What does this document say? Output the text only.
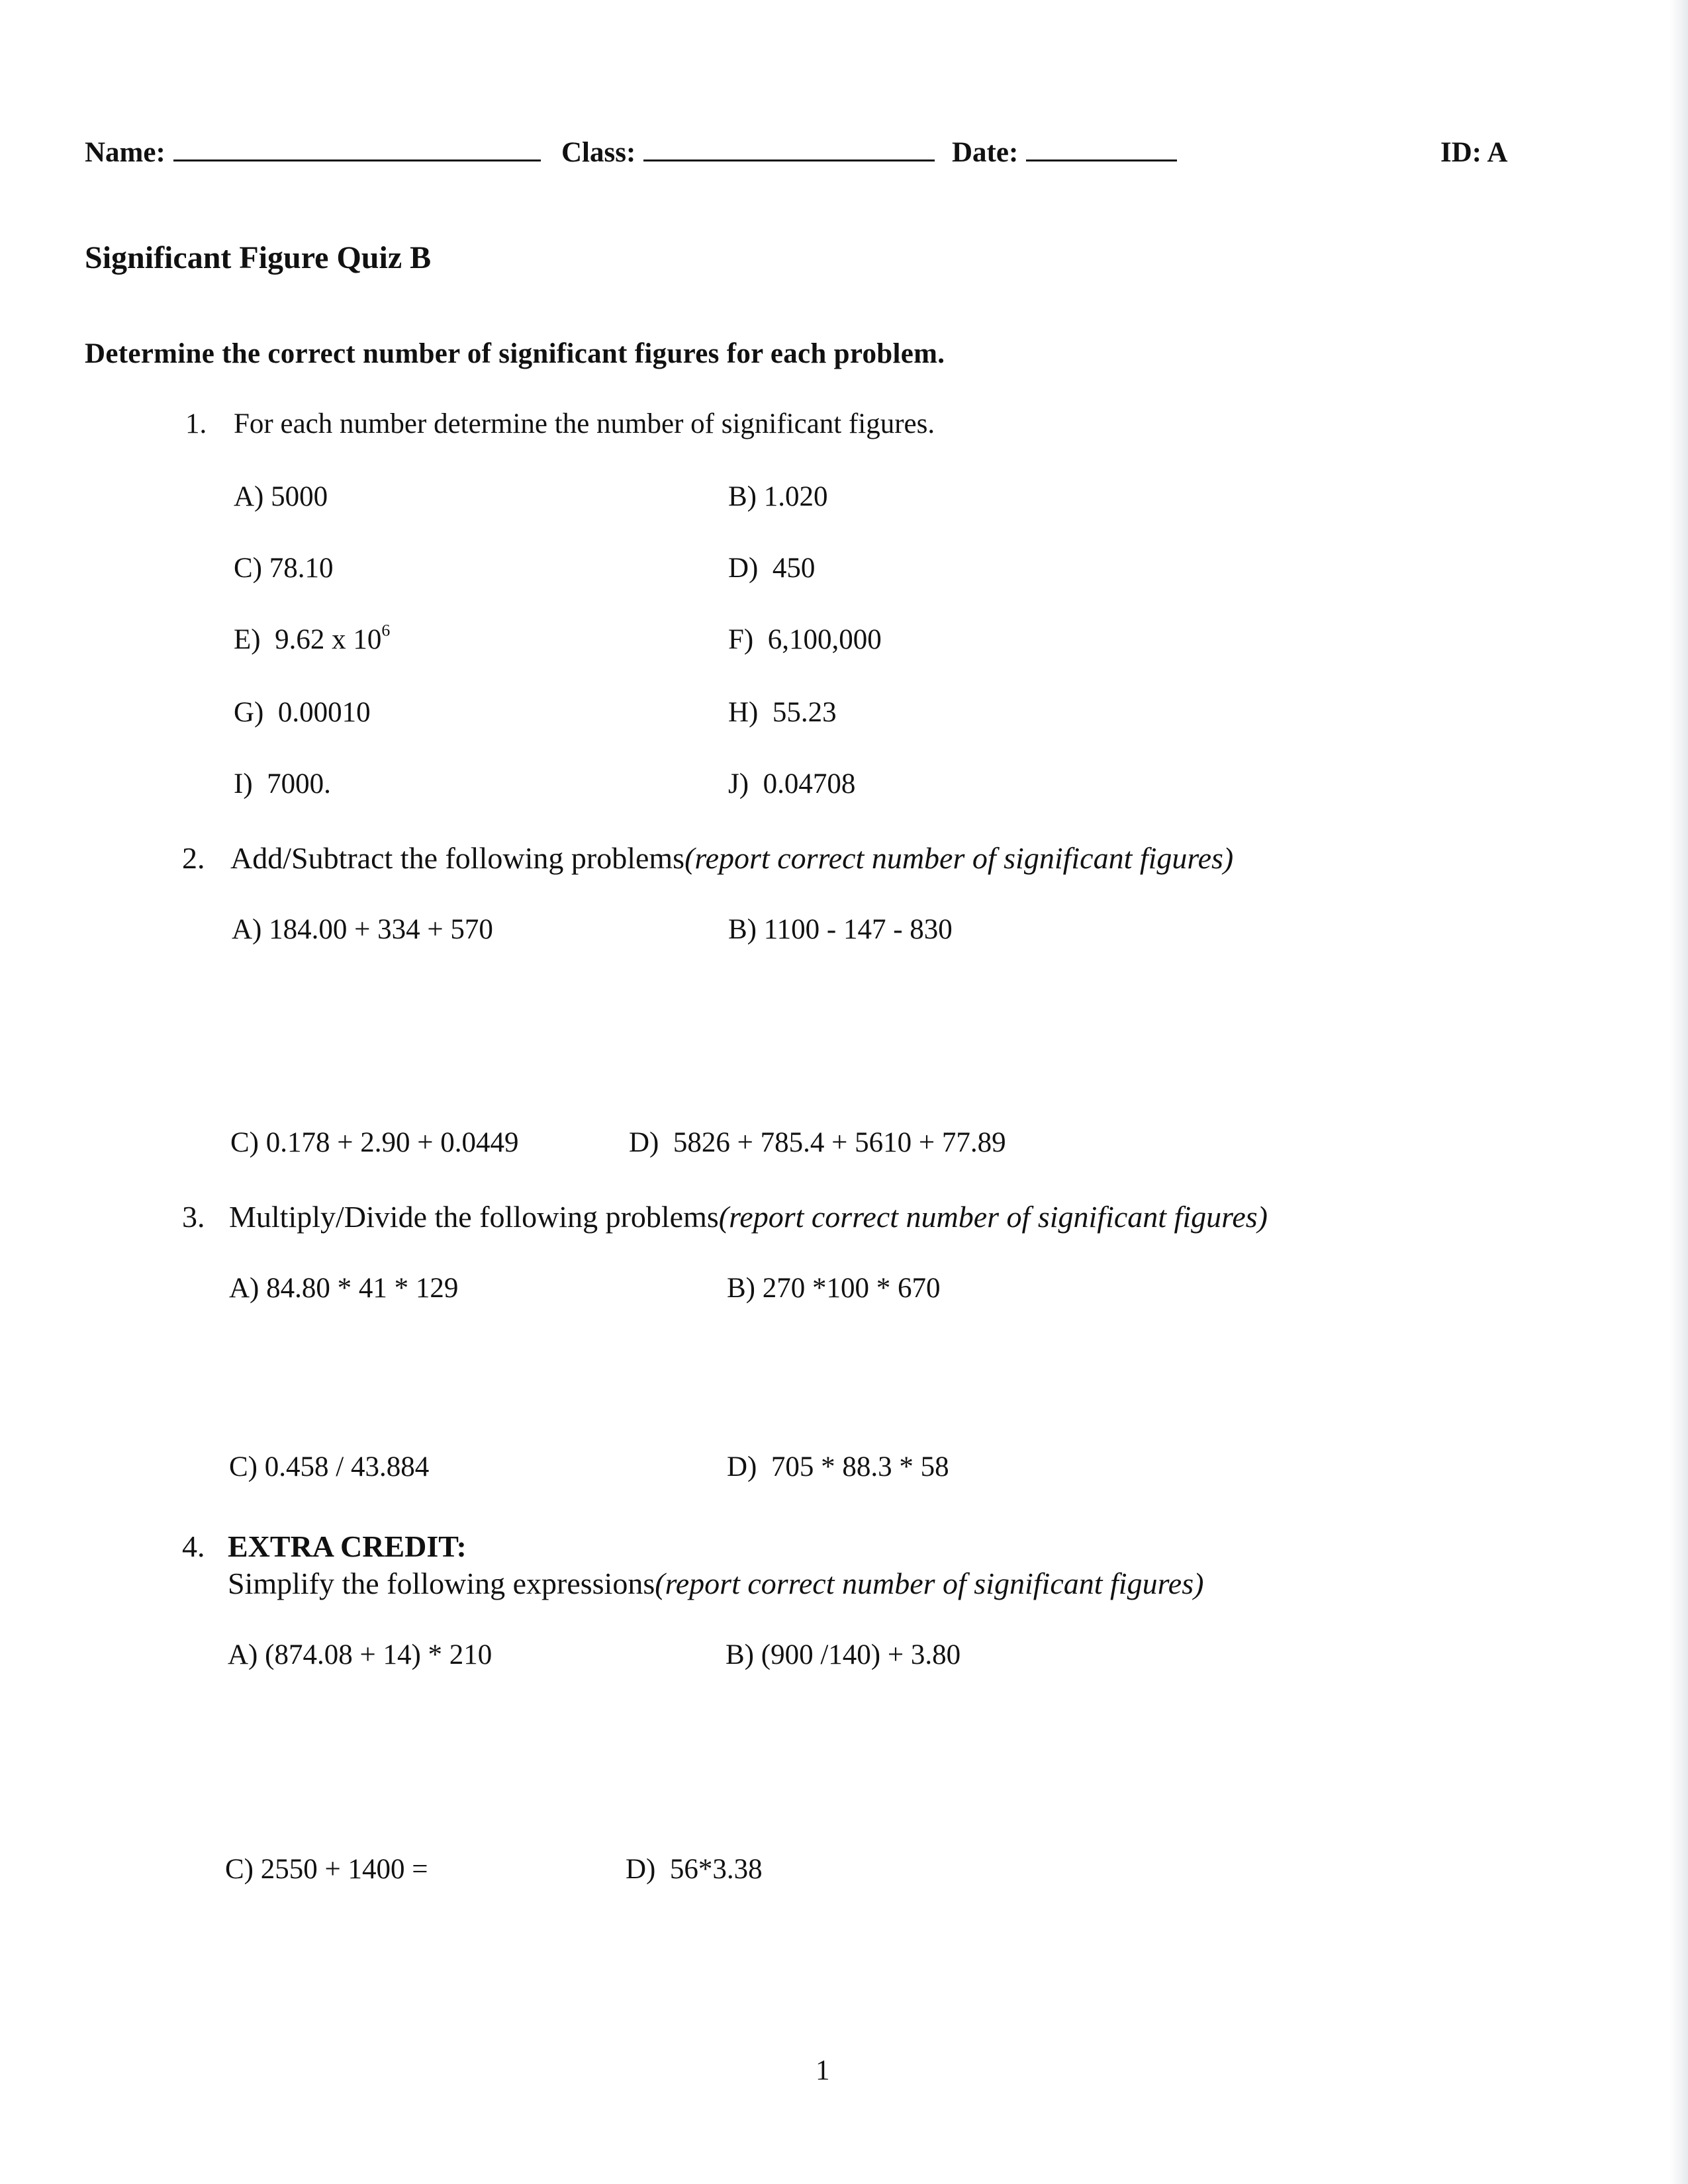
Name:	Class:	Date:	ID: A
Significant Figure Quiz B
Determine the correct number of significant figures for each problem.
1. For each number determine the number of significant figures.
A) 5000	B) 1.020
C) 78.10	D) 450
E) 9.62 x $10^6$	F) 6,100,000
G) 0.00010	H) 55.23
I) 7000.	J) 0.04708
2. Add/Subtract the following problems(report correct number of significant figures)
A) 184.00 + 334 + 570	B) 1100 - 147 - 830
C) 0.178 + 2.90 + 0.0449	D) 5826 + 785.4 + 5610 + 77.89
3. Multiply/Divide the following problems(report correct number of significant figures)
A) 84.80 * 41 * 129	B) 270 *100 * 670
C) 0.458 / 43.884	D) 705 * 88.3 * 58
4. EXTRA CREDIT:
Simplify the following expressions(report correct number of significant figures)
A) (874.08 + 14) * 210	B) (900 /140) + 3.80
C) 2550 + 1400 =	D) 56*3.38
1
